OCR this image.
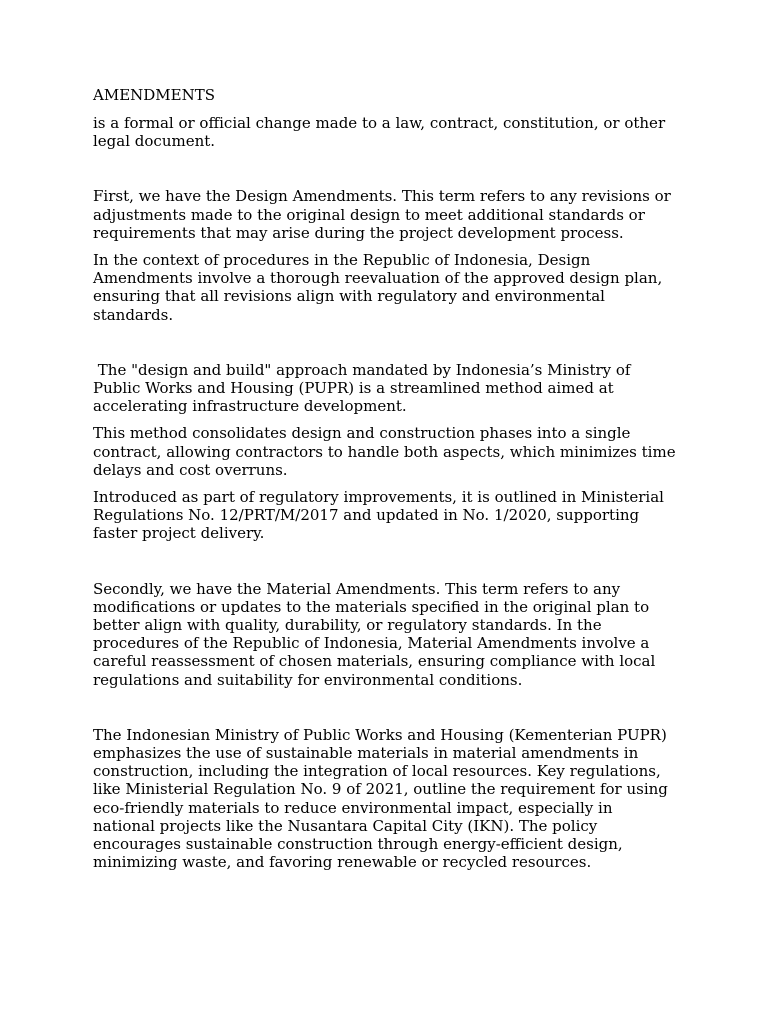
AMENDMENTS

is a formal or official change made to a law, contract, constitution, or other legal document.

First, we have the Design Amendments. This term refers to any revisions or adjustments made to the original design to meet additional standards or requirements that may arise during the project development process.

In the context of procedures in the Republic of Indonesia, Design Amendments involve a thorough reevaluation of the approved design plan, ensuring that all revisions align with regulatory and environmental standards.

The "design and build" approach mandated by Indonesia’s Ministry of Public Works and Housing (PUPR) is a streamlined method aimed at accelerating infrastructure development.

This method consolidates design and construction phases into a single contract, allowing contractors to handle both aspects, which minimizes time delays and cost overruns.

Introduced as part of regulatory improvements, it is outlined in Ministerial Regulations No. 12/PRT/M/2017 and updated in No. 1/2020, supporting faster project delivery.

Secondly, we have the Material Amendments. This term refers to any modifications or updates to the materials specified in the original plan to better align with quality, durability, or regulatory standards. In the procedures of the Republic of Indonesia, Material Amendments involve a careful reassessment of chosen materials, ensuring compliance with local regulations and suitability for environmental conditions.

The Indonesian Ministry of Public Works and Housing (Kementerian PUPR) emphasizes the use of sustainable materials in material amendments in construction, including the integration of local resources. Key regulations, like Ministerial Regulation No. 9 of 2021, outline the requirement for using eco-friendly materials to reduce environmental impact, especially in national projects like the Nusantara Capital City (IKN). The policy encourages sustainable construction through energy-efficient design, minimizing waste, and favoring renewable or recycled resources.
